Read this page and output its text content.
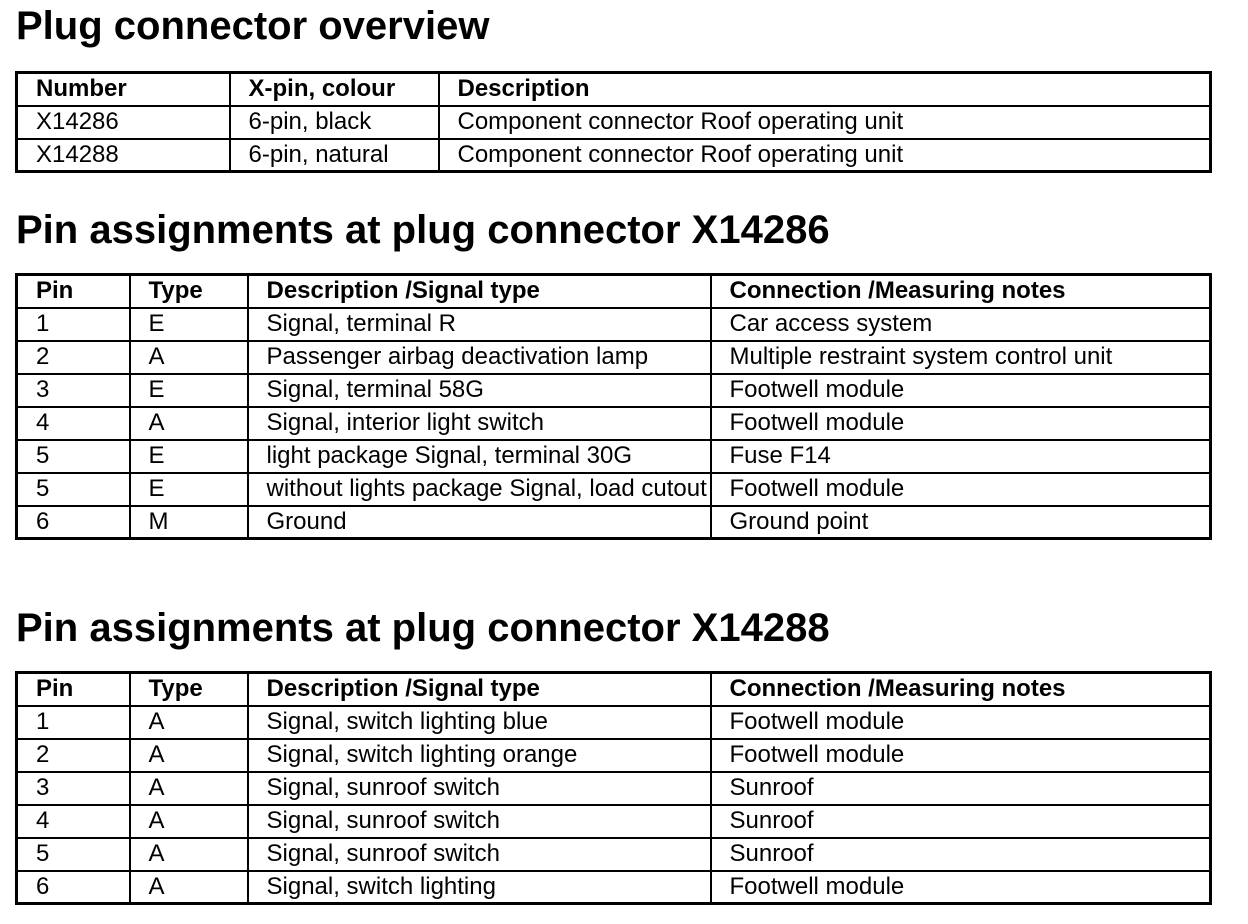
Plug connector overview
Number	X-pin, colour	Description
X14286	6-pin, black	Component connector Roof operating unit
X14288	6-pin, natural	Component connector Roof operating unit
Pin assignments at plug connector X14286
Pin	Type	Description /Signal type	Connection /Measuring notes
1	E	Signal, terminal R	Car access system
2	A	Passenger airbag deactivation lamp	Multiple restraint system control unit
3	E	Signal, terminal 58G	Footwell module
4	A	Signal, interior light switch	Footwell module
5	E	light package Signal, terminal 30G	Fuse F14
5	E	without lights package Signal, load cutout	Footwell module
6	M	Ground	Ground point
Pin assignments at plug connector X14288
Pin	Type	Description /Signal type	Connection /Measuring notes
1	A	Signal, switch lighting blue	Footwell module
2	A	Signal, switch lighting orange	Footwell module
3	A	Signal, sunroof switch	Sunroof
4	A	Signal, sunroof switch	Sunroof
5	A	Signal, sunroof switch	Sunroof
6	A	Signal, switch lighting	Footwell module
